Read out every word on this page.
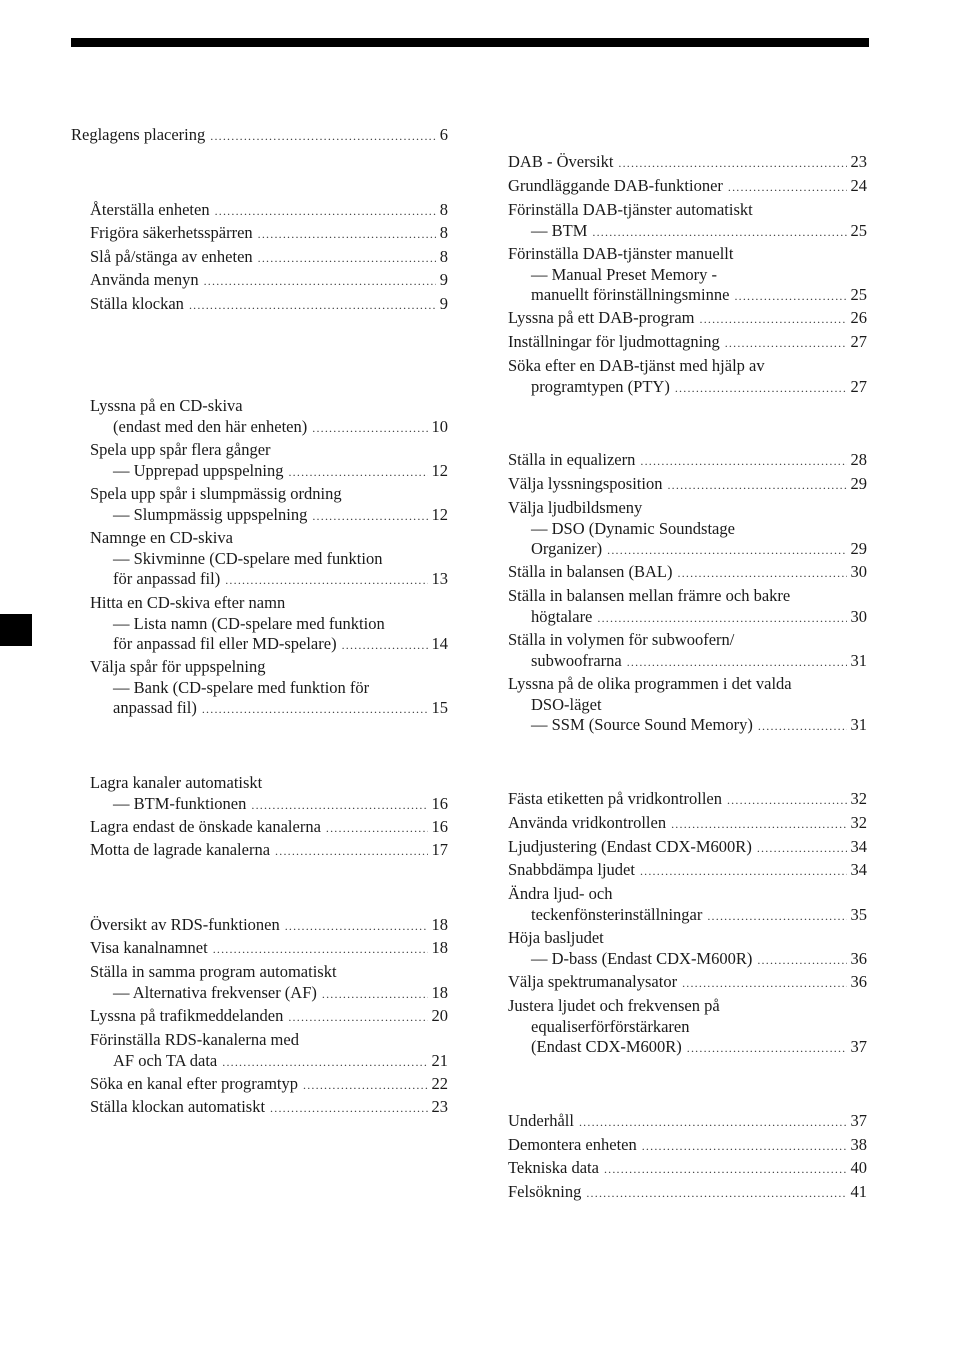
Reglagens placering .....	6
Återställa enheten .....	8
Frigöra säkerhetsspärren .....	8
Slå på/stänga av enheten .....	8
Använda menyn .....	9
Ställa klockan .....	9
Lyssna på en CD-skiva
(endast med den här enheten) .....	10
Spela upp spår flera gånger
— Upprepad uppspelning .....	12
Spela upp spår i slumpmässig ordning
— Slumpmässig uppspelning .....	12
Namnge en CD-skiva
— Skivminne (CD-spelare med funktion
för anpassad fil) .....	13
Hitta en CD-skiva efter namn
— Lista namn (CD-spelare med funktion
för anpassad fil eller MD-spelare) .....	14
Välja spår för uppspelning
— Bank (CD-spelare med funktion för
anpassad fil) .....	15
Lagra kanaler automatiskt
— BTM-funktionen .....	16
Lagra endast de önskade kanalerna .....	16
Motta de lagrade kanalerna .....	17
Översikt av RDS-funktionen .....	18
Visa kanalnamnet .....	18
Ställa in samma program automatiskt
— Alternativa frekvenser (AF) .....	18
Lyssna på trafikmeddelanden .....	20
Förinställa RDS-kanalerna med
AF och TA data .....	21
Söka en kanal efter programtyp .....	22
Ställa klockan automatiskt .....	23
DAB - Översikt .....	23
Grundläggande DAB-funktioner .....	24
Förinställa DAB-tjänster automatiskt
— BTM .....	25
Förinställa DAB-tjänster manuellt
— Manual Preset Memory -
manuellt förinställningsminne .....	25
Lyssna på ett DAB-program .....	26
Inställningar för ljudmottagning .....	27
Söka efter en DAB-tjänst med hjälp av
programtypen (PTY) .....	27
Ställa in equalizern .....	28
Välja lyssningsposition .....	29
Välja ljudbildsmeny
— DSO (Dynamic Soundstage
Organizer) .....	29
Ställa in balansen (BAL) .....	30
Ställa in balansen mellan främre och bakre
högtalare .....	30
Ställa in volymen för subwoofern/
subwoofrarna .....	31
Lyssna på de olika programmen i det valda
DSO-läget
— SSM (Source Sound Memory) .....	31
Fästa etiketten på vridkontrollen .....	32
Använda vridkontrollen .....	32
Ljudjustering (Endast CDX-M600R) .....	34
Snabbdämpa ljudet .....	34
Ändra ljud- och
teckenfönsterinställningar .....	35
Höja basljudet
— D-bass (Endast CDX-M600R) .....	36
Välja spektrumanalysator .....	36
Justera ljudet och frekvensen på
equaliserförförstärkaren
(Endast CDX-M600R) .....	37
Underhåll .....	37
Demontera enheten .....	38
Tekniska data .....	40
Felsökning .....	41
